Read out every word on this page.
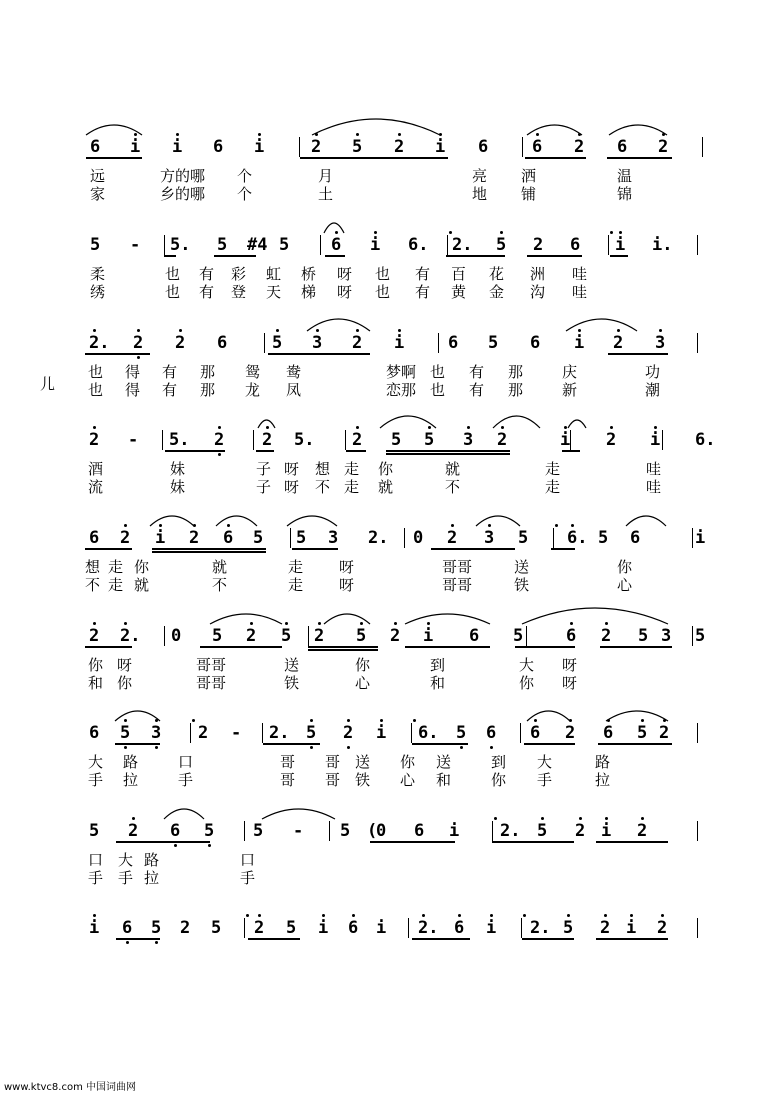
儿
6 i i 6 i	2 5 2 i 6	6 2 6 2
远	方的哪 个	月	亮 洒	温
家	乡的哪 个	土	地 铺	锦
5 - 5. 5 #4 5 6 i 6. 2. 5 2 6 i i.
柔	也 有 彩 虹 桥 呀 也 有 百 花 洲 哇
绣	也 有 登 天 梯 呀 也 有 黄 金 沟 哇
2. 2 2 6	5 3 2 i	6 5 6 i 2 3
也 得 有 那 鸳 鸯	梦啊 也 有 那	庆	功
也 得 有 那 龙 凤	恋那 也 有 那	新	潮
2 - 5. 2 2 5. 2 5 5 3 2	i 2 i 6.
酒	妹	子 呀 想 走 你	就	走	哇
流	妹	子 呀 不 走 就	不	走	哇
6 2 i 2 6 5 5 3 2. 0 2 3 5 6. 5 6	i
想 走 你	就	走 呀	哥哥	送	你
不 走 就	不	走 呀	哥哥	铁	心
2 2. 0 5 2 5 2 5 2 i 6 5	6 2 5 3 5
你 呀	哥哥	送	你	到	大 呀
和 你	哥哥	铁	心	和	你 呀
6 5 3 2 - 2. 5 2 i 6. 5 6 6 2 6 5 2
大 路	口	哥 哥 送 你 送	到 大	路
手 拉	手	哥 哥 铁 心 和	你 手	拉
5 2 6 5 5 - 5 (
0 6 i 2. 5 2 i 2
口 大 路	口
手 手 拉	手
i 6 5 2 5 2 5 i 6 i 2. 6 i 2. 5 2 i 2
www.ktvc8.com 中国词曲网
